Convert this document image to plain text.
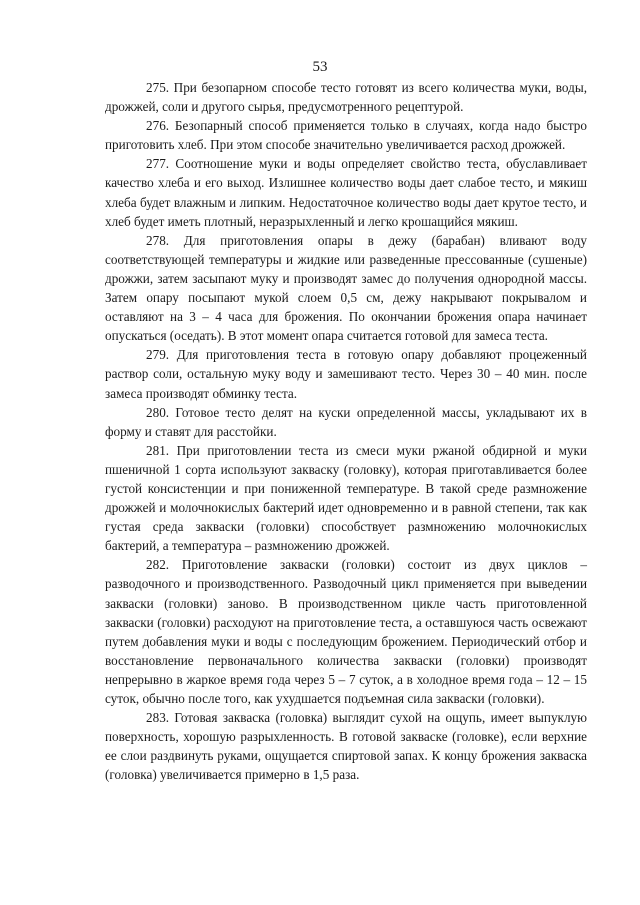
53

275. При безопарном способе тесто готовят из всего количества муки, воды, дрожжей, соли и другого сырья, предусмотренного рецептурой.

276. Безопарный способ применяется только в случаях, когда надо быстро приготовить хлеб. При этом способе значительно увеличивается расход дрожжей.

277. Соотношение муки и воды определяет свойство теста, обуславливает качество хлеба и его выход. Излишнее количество воды дает слабое тесто, и мякиш хлеба будет влажным и липким. Недостаточное количество воды дает крутое тесто, и хлеб будет иметь плотный, неразрыхленный и легко крошащийся мякиш.

278. Для приготовления опары в дежу (барабан) вливают воду соответствующей температуры и жидкие или разведенные прессованные (сушеные) дрожжи, затем засыпают муку и производят замес до получения однородной массы. Затем опару посыпают мукой слоем 0,5 см, дежу накрывают покрывалом и оставляют на 3 – 4 часа для брожения. По окончании брожения опара начинает опускаться (оседать). В этот момент опара считается готовой для замеса теста.

279. Для приготовления теста в готовую опару добавляют процеженный раствор соли, остальную муку воду и замешивают тесто. Через 30 – 40 мин. после замеса производят обминку теста.

280. Готовое тесто делят на куски определенной массы, укладывают их в форму и ставят для расстойки.

281. При приготовлении теста из смеси муки ржаной обдирной и муки пшеничной 1 сорта используют закваску (головку), которая приготавливается более густой консистенции и при пониженной температуре. В такой среде размножение дрожжей и молочнокислых бактерий идет одновременно и в равной степени, так как густая среда закваски (головки) способствует размножению молочнокислых бактерий, а температура – размножению дрожжей.

282. Приготовление закваски (головки) состоит из двух циклов – разводочного и производственного. Разводочный цикл применяется при выведении закваски (головки) заново. В производственном цикле часть приготовленной закваски (головки) расходуют на приготовление теста, а оставшуюся часть освежают путем добавления муки и воды с последующим брожением. Периодический отбор и восстановление первоначального количества закваски (головки) производят непрерывно в жаркое время года через 5 – 7 суток, а в холодное время года – 12 – 15 суток, обычно после того, как ухудшается подъемная сила закваски (головки).

283. Готовая закваска (головка) выглядит сухой на ощупь, имеет выпуклую поверхность, хорошую разрыхленность. В готовой закваске (головке), если верхние ее слои раздвинуть руками, ощущается спиртовой запах. К концу брожения закваска (головка) увеличивается примерно в 1,5 раза.
